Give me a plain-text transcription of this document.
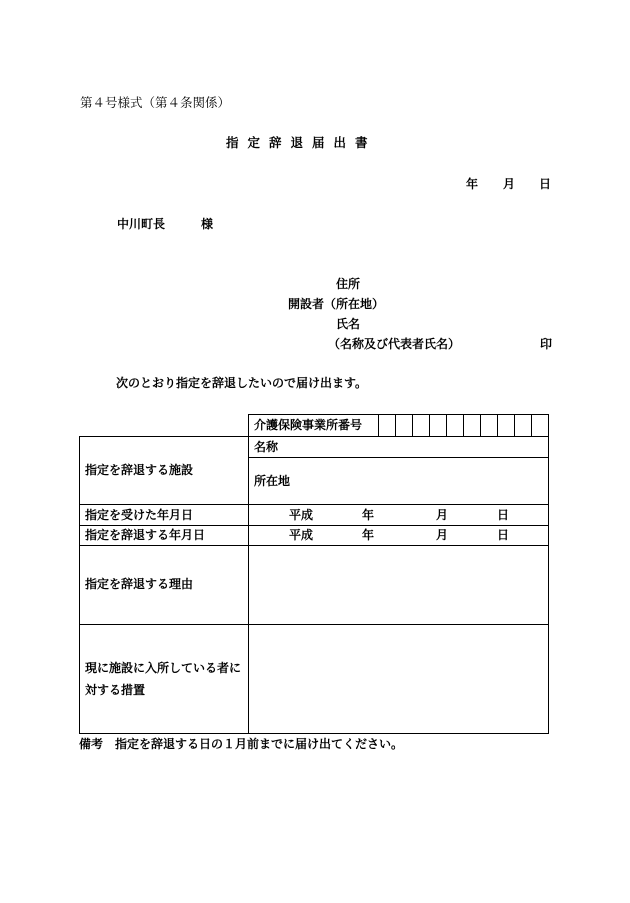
第４号様式（第４条関係）
指定辞退届出書
年 月 日
中川町長	様
住所
開設者（所在地）
氏名
（名称及び代表者氏名）	印
次のとおり指定を辞退したいので届け出ます。
介護保険事業所番号
指定を辞退する施設
名称
所在地
指定を受けた年月日	平成	年	月	日
指定を辞退する年月日	平成	年	月	日
指定を辞退する理由
現に施設に入所している者に
対する措置
備考　指定を辞退する日の１月前までに届け出てください。
